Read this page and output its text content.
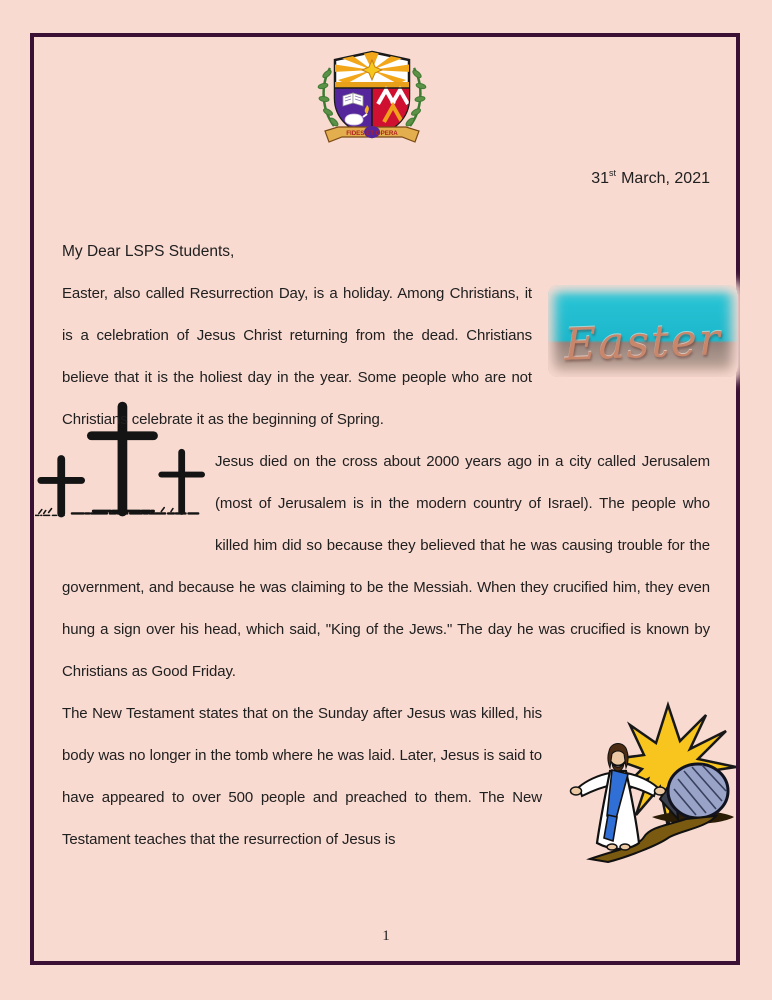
FIDES ET OPERA
31st March, 2021
My Dear LSPS Students,

Easter
Easter, also called Resurrection Day, is a holiday. Among Christians, it is a celebration of Jesus Christ returning from the dead. Christians believe that it is the holiest day in the year. Some people who are not Christians celebrate it as the beginning of Spring.

Jesus died on the cross about 2000 years ago in a city called Jerusalem (most of Jerusalem is in the modern country of Israel). The people who killed him did so because they believed that he was causing trouble for the government, and because he was claiming to be the Messiah. When they crucified him, they even hung a sign over his head, which said, "King of the Jews." The day he was crucified is known by Christians as Good Friday.

The New Testament states that on the Sunday after Jesus was killed, his body was no longer in the tomb where he was laid. Later, Jesus is said to have appeared to over 500 people and preached to them. The New Testament teaches that the resurrection of Jesus is

1
